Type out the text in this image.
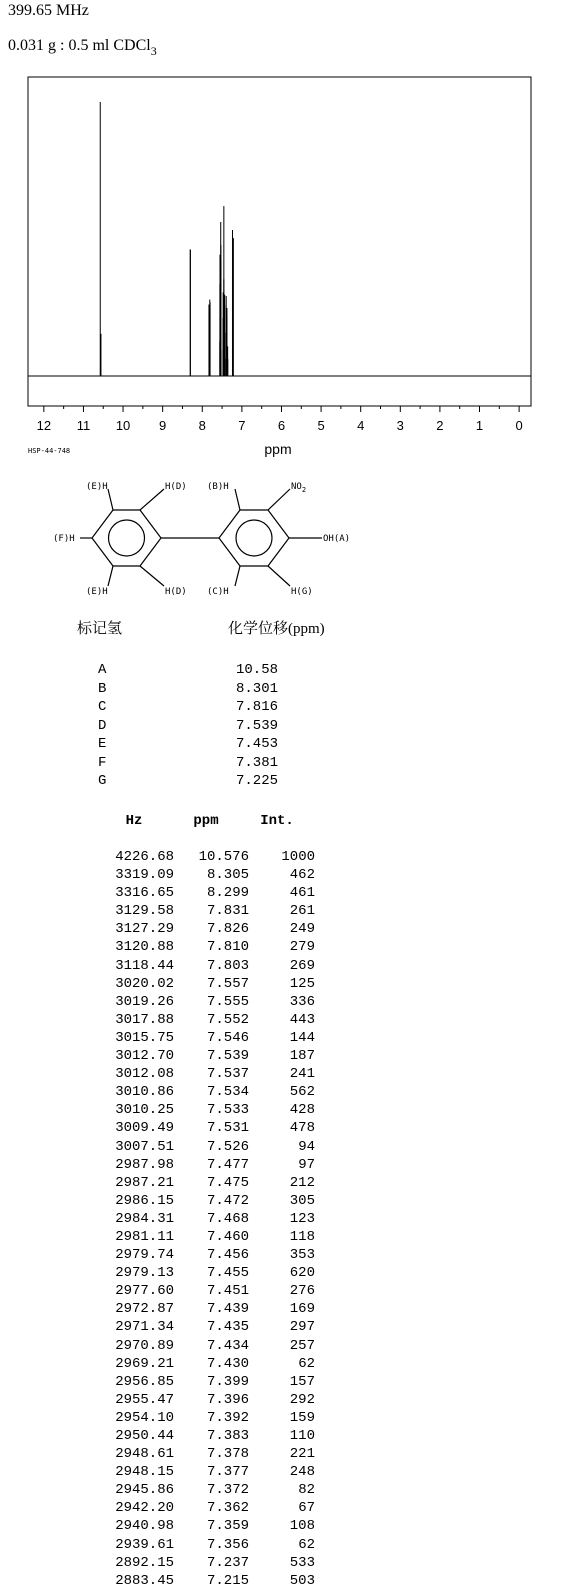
399.65 MHz
0.031 g : 0.5 ml CDCl$_3$
12 11 10 9 8 7 6 5 4 3 2 1 0
ppm
HSP-44-748
(E)H	H(D) (B)H	$NO_2$
(F)H	OH(A)
(E)H	H(D) (C)H	H(G)
标记氢	化学位移(ppm)
A	10.58
B	8.301
C	7.816
D	7.539
E	7.453
F	7.381
G	7.225
Hz	ppm	Int.
4226.68 10.576 1000
3319.09 8.305	462
3316.65 8.299	461
3129.58 7.831	261
3127.29 7.826	249
3120.88 7.810	279
3118.44 7.803	269
3020.02 7.557	125
3019.26 7.555	336
3017.88 7.552	443
3015.75 7.546	144
3012.70 7.539	187
3012.08 7.537	241
3010.86 7.534	562
3010.25 7.533	428
3009.49 7.531	478
3007.51 7.526	94
2987.98 7.477	97
2987.21 7.475	212
2986.15 7.472	305
2984.31 7.468	123
2981.11 7.460	118
2979.74 7.456	353
2979.13 7.455	620
2977.60 7.451	276
2972.87 7.439	169
2971.34 7.435	297
2970.89 7.434	257
2969.21 7.430	62
2956.85 7.399	157
2955.47 7.396	292
2954.10 7.392	159
2950.44 7.383	110
2948.61 7.378	221
2948.15 7.377	248
2945.86 7.372	82
2942.20 7.362	67
2940.98 7.359	108
2939.61 7.356	62
2892.15 7.237	533
2883.45 7.215	503
